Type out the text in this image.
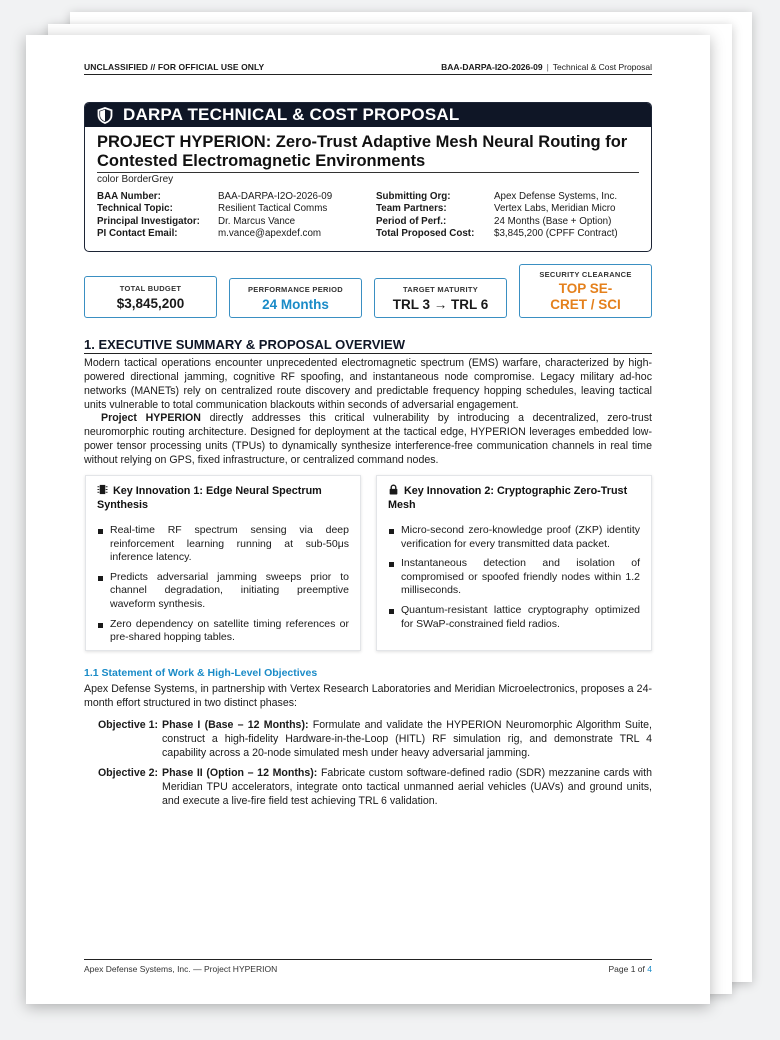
UNCLASSIFIED // FOR OFFICIAL USE ONLY	BAA-DARPA-I2O-2026-09 | Technical & Cost Proposal
DARPA TECHNICAL & COST PROPOSAL
PROJECT HYPERION: Zero-Trust Adaptive Mesh Neural Routing for Contested Electromagnetic Environments
color BorderGrey
BAA Number:	BAA-DARPA-I2O-2026-09	Submitting Org:	Apex Defense Systems, Inc.
Technical Topic:	Resilient Tactical Comms	Team Partners:	Vertex Labs, Meridian Micro
Principal Investigator:	Dr. Marcus Vance	Period of Perf.:	24 Months (Base + Option)
PI Contact Email:	m.vance@apexdef.com	Total Proposed Cost:	$3,845,200 (CPFF Contract)
TOTAL BUDGET
$3,845,200
PERFORMANCE PERIOD
24 Months
TARGET MATURITY
TRL 3 → TRL 6
SECURITY CLEARANCE
TOP SE-
CRET / SCI
1. EXECUTIVE SUMMARY & PROPOSAL OVERVIEW
Modern tactical operations encounter unprecedented electromagnetic spectrum (EMS) warfare, characterized by high-powered directional jamming, cognitive RF spoofing, and instantaneous node compromise. Legacy military ad-hoc networks (MANETs) rely on centralized route discovery and predictable frequency hopping schedules, leaving tactical units vulnerable to total communication blackouts within seconds of adversarial engagement.
Project HYPERION directly addresses this critical vulnerability by introducing a decentralized, zero-trust neuromorphic routing architecture. Designed for deployment at the tactical edge, HYPERION leverages embedded low-power tensor processing units (TPUs) to dynamically synthesize interference-free communication channels in real time without relying on GPS, fixed infrastructure, or centralized command nodes.
Key Innovation 1: Edge Neural Spectrum Synthesis
Real-time RF spectrum sensing via deep reinforcement learning running at sub-50μs inference latency.
Predicts adversarial jamming sweeps prior to channel degradation, initiating preemptive waveform synthesis.
Zero dependency on satellite timing references or pre-shared hopping tables.
Key Innovation 2: Cryptographic Zero-Trust Mesh
Micro-second zero-knowledge proof (ZKP) identity verification for every transmitted data packet.
Instantaneous detection and isolation of compromised or spoofed friendly nodes within 1.2 milliseconds.
Quantum-resistant lattice cryptography optimized for SWaP-constrained field radios.
1.1 Statement of Work & High-Level Objectives
Apex Defense Systems, in partnership with Vertex Research Laboratories and Meridian Microelectronics, proposes a 24-month effort structured in two distinct phases:
Objective 1: Phase I (Base – 12 Months): Formulate and validate the HYPERION Neuromorphic Algorithm Suite, construct a high-fidelity Hardware-in-the-Loop (HITL) RF simulation rig, and demonstrate TRL 4 capability across a 20-node simulated mesh under heavy adversarial jamming.
Objective 2: Phase II (Option – 12 Months): Fabricate custom software-defined radio (SDR) mezzanine cards with Meridian TPU accelerators, integrate onto tactical unmanned aerial vehicles (UAVs) and ground units, and execute a live-fire field test achieving TRL 6 validation.
Apex Defense Systems, Inc. — Project HYPERION	Page 1 of 4
